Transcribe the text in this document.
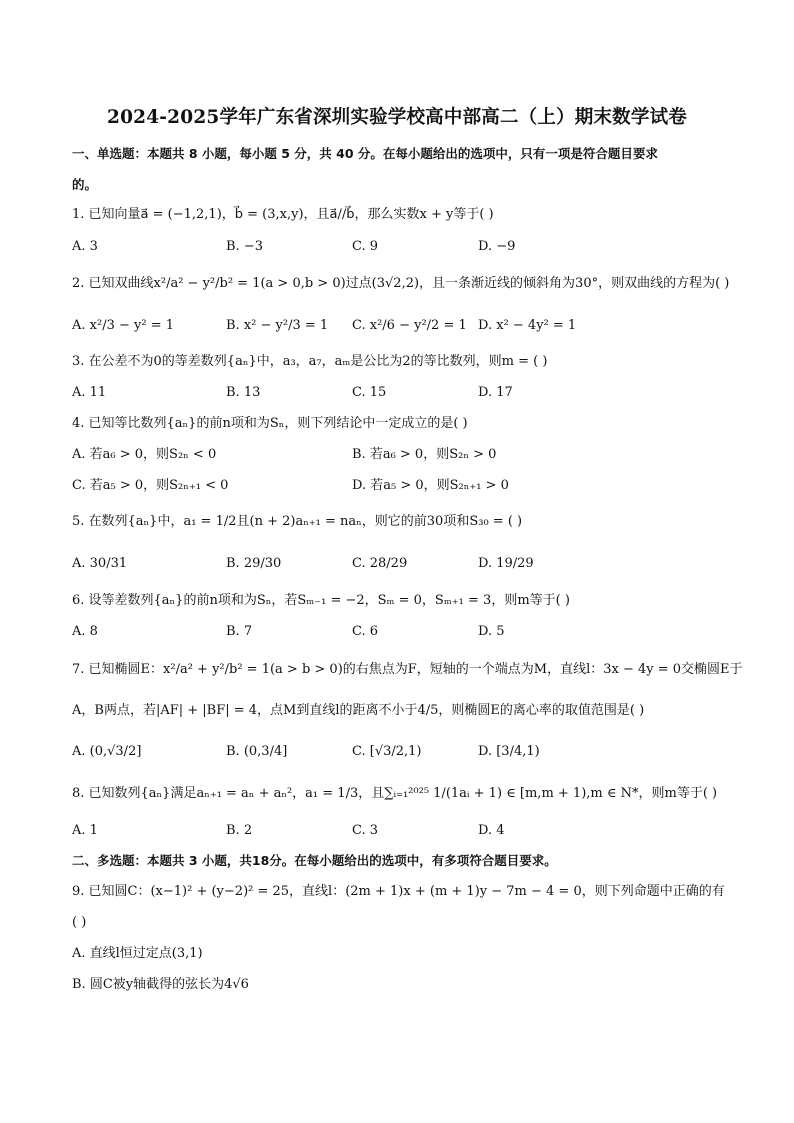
2024-2025学年广东省深圳实验学校高中部高二（上）期末数学试卷
一、单选题：本题共 8 小题，每小题 5 分，共 40 分。在每小题给出的选项中，只有一项是符合题目要求
的。
1. 已知向量a⃗ = (−1,2,1)，b⃗ = (3,x,y)，且a⃗//b⃗，那么实数x + y等于( )
A. 3	B. −3	C. 9	D. −9
2. 已知双曲线x²/a² − y²/b² = 1(a > 0,b > 0)过点(3√2,2)，且一条渐近线的倾斜角为30°，则双曲线的方程为( )
A. x²/3 − y² = 1	B. x² − y²/3 = 1 C. x²/6 − y²/2 = 1 D. x² − 4y² = 1
3. 在公差不为0的等差数列{aₙ}中，a₃，a₇，aₘ是公比为2的等比数列，则m = ( )
A. 11	B. 13	C. 15	D. 17
4. 已知等比数列{aₙ}的前n项和为Sₙ，则下列结论中一定成立的是( )
A. 若a₆ > 0，则S₂ₙ < 0	B. 若a₆ > 0，则S₂ₙ > 0
C. 若a₅ > 0，则S₂ₙ₊₁ < 0	D. 若a₅ > 0，则S₂ₙ₊₁ > 0
5. 在数列{aₙ}中，a₁ = 1/2且(n + 2)aₙ₊₁ = naₙ，则它的前30项和S₃₀ = ( )
A. 30/31	B. 29/30	C. 28/29	D. 19/29
6. 设等差数列{aₙ}的前n项和为Sₙ，若Sₘ₋₁ = −2，Sₘ = 0，Sₘ₊₁ = 3，则m等于( )
A. 8	B. 7	C. 6	D. 5
7. 已知椭圆E：x²/a² + y²/b² = 1(a > b > 0)的右焦点为F，短轴的一个端点为M，直线l：3x − 4y = 0交椭圆E于
A，B两点，若|AF| + |BF| = 4，点M到直线l的距离不小于4/5，则椭圆E的离心率的取值范围是( )
A. (0,√3/2]	B. (0,3/4]	C. [√3/2,1)	D. [3/4,1)
8. 已知数列{aₙ}满足aₙ₊₁ = aₙ + aₙ²，a₁ = 1/3，且∑ᵢ₌₁²⁰²⁵ 1/(1aᵢ + 1) ∈ [m,m + 1),m ∈ N*，则m等于( )
A. 1	B. 2	C. 3	D. 4
二、多选题：本题共 3 小题，共18分。在每小题给出的选项中，有多项符合题目要求。
9. 已知圆C：(x−1)² + (y−2)² = 25，直线l：(2m + 1)x + (m + 1)y − 7m − 4 = 0，则下列命题中正确的有
( )
A. 直线l恒过定点(3,1)
B. 圆C被y轴截得的弦长为4√6
